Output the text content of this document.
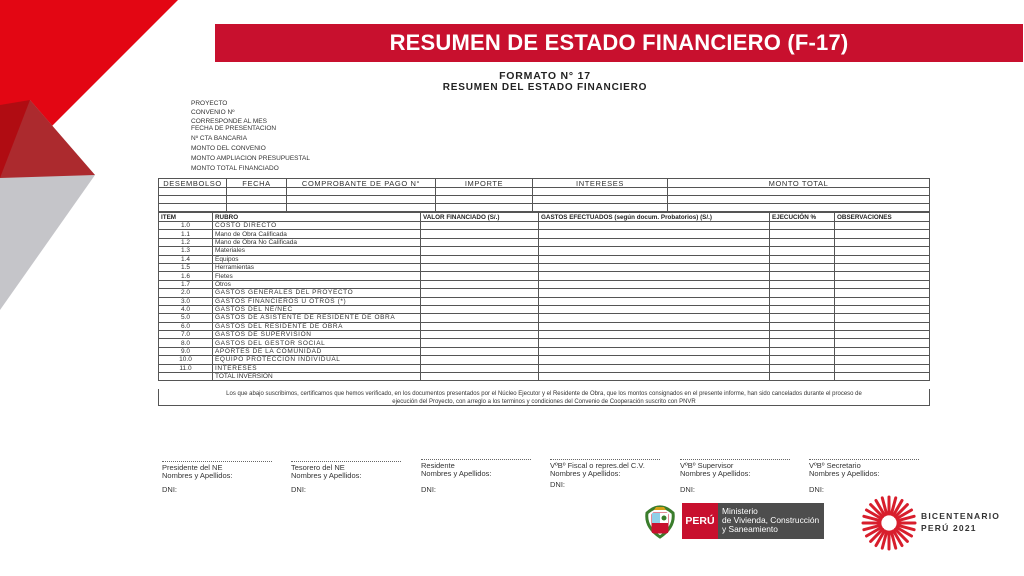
RESUMEN DE ESTADO FINANCIERO (F-17)
FORMATO N° 17
RESUMEN DEL ESTADO FINANCIERO
PROYECTO
CONVENIO Nº
CORRESPONDE AL MES
FECHA DE PRESENTACION
Nº CTA BANCARIA
MONTO DEL CONVENIO
MONTO AMPLIACION PRESUPUESTAL
MONTO TOTAL FINANCIADO
DESEMBOLSO	FECHA	COMPROBANTE DE PAGO N°	IMPORTE	INTERESES	MONTO TOTAL

ITEM	RUBRO	VALOR FINANCIADO (S/.)	GASTOS EFECTUADOS (según docum. Probatorios) (S/.)	EJECUCIÓN %	OBSERVACIONES
1.0	COSTO DIRECTO				
1.1	Mano de Obra Calificada				
1.2	Mano de Obra No Calificada				
1.3	Materiales				
1.4	Equipos				
1.5	Herramientas				
1.6	Fletes				
1.7	Otros				
2.0	GASTOS GENERALES DEL PROYECTO				
3.0	GASTOS FINANCIEROS U OTROS (*)				
4.0	GASTOS DEL NE/NEC				
5.0	GASTOS DE ASISTENTE DE RESIDENTE DE OBRA				
6.0	GASTOS DEL RESIDENTE DE OBRA				
7.0	GASTOS DE SUPERVISIÓN				
8.0	GASTOS DEL GESTOR SOCIAL				
9.0	APORTES DE LA COMUNIDAD				
10.0	EQUIPO PROTECCIÓN INDIVIDUAL				
11.0	INTERESES				
	TOTAL INVERSIÓN				
Los que abajo suscribimos, certificamos que hemos verificado, en los documentos presentados por el Núcleo Ejecutor y el Residente de Obra, que los montos consignados en el presente informe, han sido cancelados durante el proceso de
ejecución del Proyecto, con arreglo a los terminos y condiciones del Convenio de Cooperación suscrito con PNVR
Presidente del NE
Nombres y Apellidos:
DNI:
Tesorero del NE
Nombres y Apellidos:
DNI:
Residente
Nombres y Apellidos:
DNI:
VºBº Fiscal o repres.del C.V.
Nombres y Apellidos:
DNI:
VºBº Supervisor
Nombres y Apellidos:
DNI:
VºBº Secretario
Nombres y Apellidos:
DNI:
PERÚ
Ministerio
de Vivienda, Construcción
y Saneamiento
BICENTENARIO
PERÚ 2021
